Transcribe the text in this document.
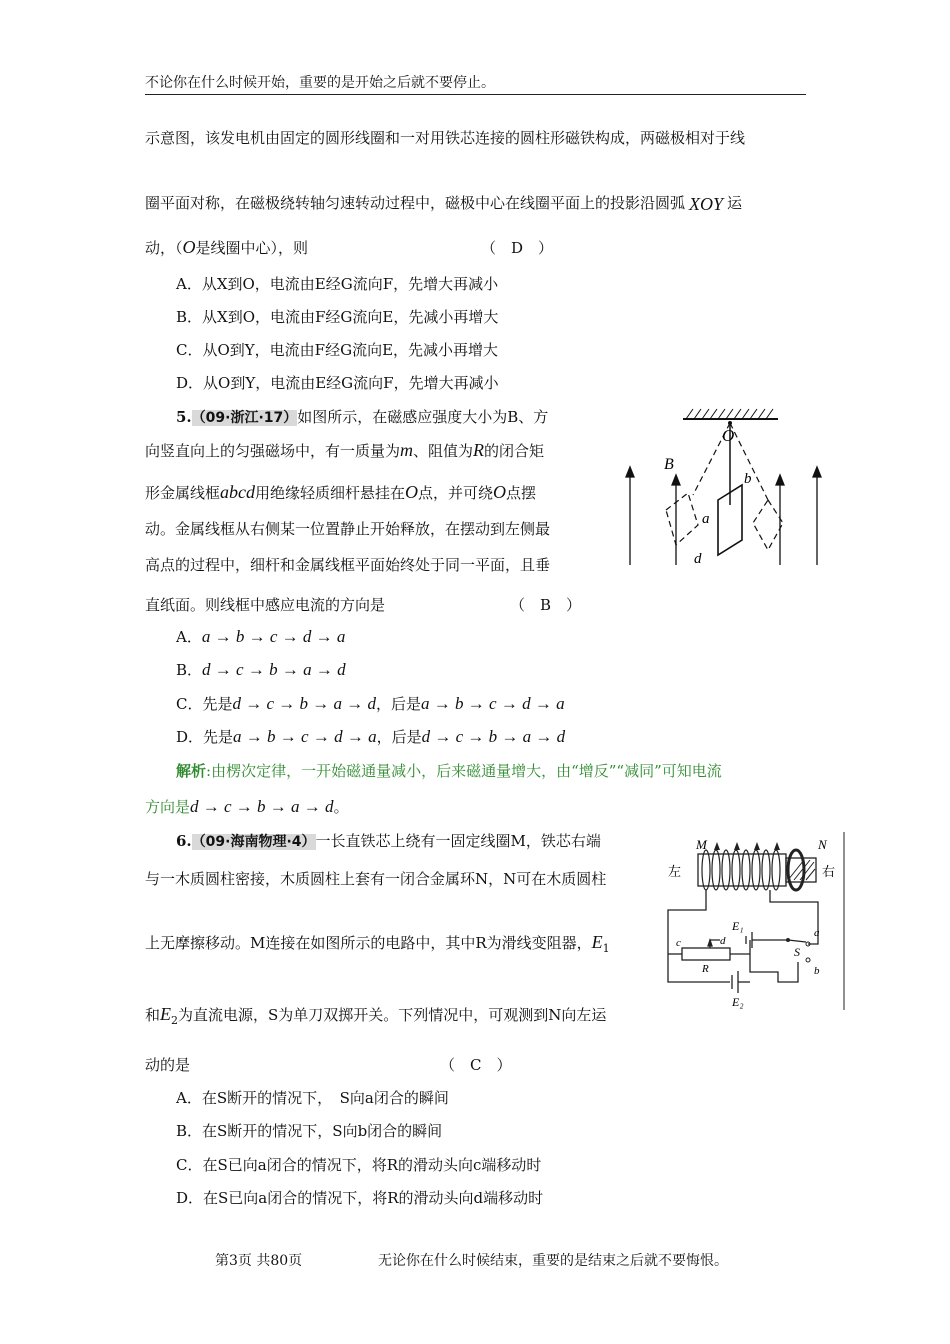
不论你在什么时候开始，重要的是开始之后就不要停止。
示意图，该发电机由固定的圆形线圈和一对用铁芯连接的圆柱形磁铁构成，两磁极相对于线
圈平面对称，在磁极绕转轴匀速转动过程中，磁极中心在线圈平面上的投影沿圆弧 XOY 运
动，（O是线圈中心），则	（　D　）
A．从X到O，电流由E经G流向F，先增大再减小
B．从X到O，电流由F经G流向E，先减小再增大
C．从O到Y，电流由F经G流向E，先减小再增大
D．从O到Y，电流由E经G流向F，先增大再减小
5.（09·浙江·17）如图所示，在磁感应强度大小为B、方
向竖直向上的匀强磁场中，有一质量为m、阻值为R的闭合矩
形金属线框abcd用绝缘轻质细杆悬挂在O点，并可绕O点摆
动。金属线框从右侧某一位置静止开始释放，在摆动到左侧最
高点的过程中，细杆和金属线框平面始终处于同一平面，且垂
直纸面。则线框中感应电流的方向是	（　B　）
A．a → b → c → d → a
B．d → c → b → a → d
C．先是d → c → b → a → d，后是a → b → c → d → a
D．先是a → b → c → d → a，后是d → c → b → a → d
解析:由楞次定律，一开始磁通量减小，后来磁通量增大，由“增反”“减同”可知电流
方向是d → c → b → a → d。
O
B
b
a
d
6.（09·海南物理·4）一长直铁芯上绕有一固定线圈M，铁芯右端
与一木质圆柱密接，木质圆柱上套有一闭合金属环N，N可在木质圆柱
上无摩擦移动。M连接在如图所示的电路中，其中R为滑线变阻器，$E_1$
和$E_2$为直流电源，S为单刀双掷开关。下列情况中，可观测到N向左运
动的是	（　C　）
A．在S断开的情况下，　S向a闭合的瞬间
B．在S断开的情况下，S向b闭合的瞬间
C．在S已向a闭合的情况下，将R的滑动头向c端移动时
D．在S已向a闭合的情况下，将R的滑动头向d端移动时
M	N
左	右
E₁
c	d
R
S
a
b
E₂
第3页 共80页	无论你在什么时候结束，重要的是结束之后就不要悔恨。
